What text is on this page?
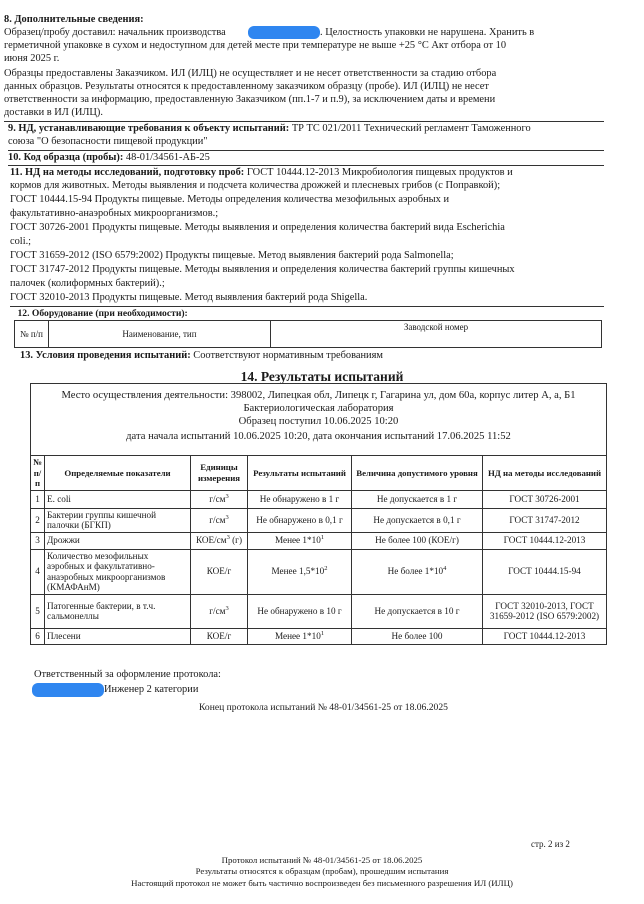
8. Дополнительные сведения:
Образец/пробу доставил: начальник производства	. Целостность упаковки не нарушена. Хранить в
герметичной упаковке в сухом и недоступном для детей месте при температуре не выше +25 °С Акт отбора от 10
июня 2025 г.
Образцы предоставлены Заказчиком. ИЛ (ИЛЦ) не осуществляет и не несет ответственности за стадию отбора
данных образцов. Результаты относятся к предоставленному заказчиком образцу (пробе). ИЛ (ИЛЦ) не несет
ответственности за информацию, предоставленную Заказчиком (пп.1-7 и п.9), за исключением даты и времени
доставки в ИЛ (ИЛЦ).
9. НД, устанавливающие требования к объекту испытаний: ТР ТС 021/2011 Технический регламент Таможенного
союза "О безопасности пищевой продукции"
10. Код образца (пробы): 48-01/34561-АБ-25
11. НД на методы исследований, подготовку проб: ГОСТ 10444.12-2013 Микробиология пищевых продуктов и
кормов для животных. Методы выявления и подсчета количества дрожжей и плесневых грибов (с Поправкой);
ГОСТ 10444.15-94 Продукты пищевые. Методы определения количества мезофильных аэробных и
факультативно-анаэробных микроорганизмов.;
ГОСТ 30726-2001 Продукты пищевые. Методы выявления и определения количества бактерий вида Escherichia
coli.;
ГОСТ 31659-2012 (ISO 6579:2002) Продукты пищевые. Метод выявления бактерий рода Salmonella;
ГОСТ 31747-2012 Продукты пищевые. Методы выявления и определения количества бактерий группы кишечных
палочек (колиформных бактерий).;
ГОСТ 32010-2013 Продукты пищевые. Метод выявления бактерий рода Shigella.
12. Оборудование (при необходимости):
№ п/п	Наименование, тип	Заводской номер
13. Условия проведения испытаний: Соответствуют нормативным требованиям
14. Результаты испытаний
Место осуществления деятельности: 398002, Липецкая обл, Липецк г, Гагарина ул, дом 60а, корпус литер А, а, Б1
Бактериологическая лаборатория
Образец поступил 10.06.2025 10:20
дата начала испытаний 10.06.2025 10:20, дата окончания испытаний 17.06.2025 11:52
№ п/п	Определяемые показатели	Единицы измерения	Результаты испытаний	Величина допустимого уровня	НД на методы исследований
1	E. coli	$г/см^3$	Не обнаружено в 1 г	Не допускается в 1 г	ГОСТ 30726-2001
2	Бактерии группы кишечной палочки (БГКП)	$г/см^3$	Не обнаружено в 0,1 г	Не допускается в 0,1 г	ГОСТ 31747-2012
3	Дрожжи	КОЕ/$см^3$ (г)	Менее $1*10^1$	Не более 100 (КОЕ/г)	ГОСТ 10444.12-2013
4	Количество мезофильных аэробных и факультативно-анаэробных микроорганизмов (КМАФАнМ)	КОЕ/г	Менее $1,5*10^2$	Не более $1*10^4$	ГОСТ 10444.15-94
5	Патогенные бактерии, в т.ч. сальмонеллы	$г/см^3$	Не обнаружено в 10 г	Не допускается в 10 г	ГОСТ 32010-2013, ГОСТ 31659-2012 (ISO 6579:2002)
6	Плесени	КОЕ/г	Менее $1*10^1$	Не более 100	ГОСТ 10444.12-2013
Ответственный за оформление протокола:
Инженер 2 категории
Конец протокола испытаний № 48-01/34561-25 от 18.06.2025
стр. 2 из 2
Протокол испытаний № 48-01/34561-25 от 18.06.2025
Результаты относятся к образцам (пробам), прошедшим испытания
Настоящий протокол не может быть частично воспроизведен без письменного разрешения ИЛ (ИЛЦ)
